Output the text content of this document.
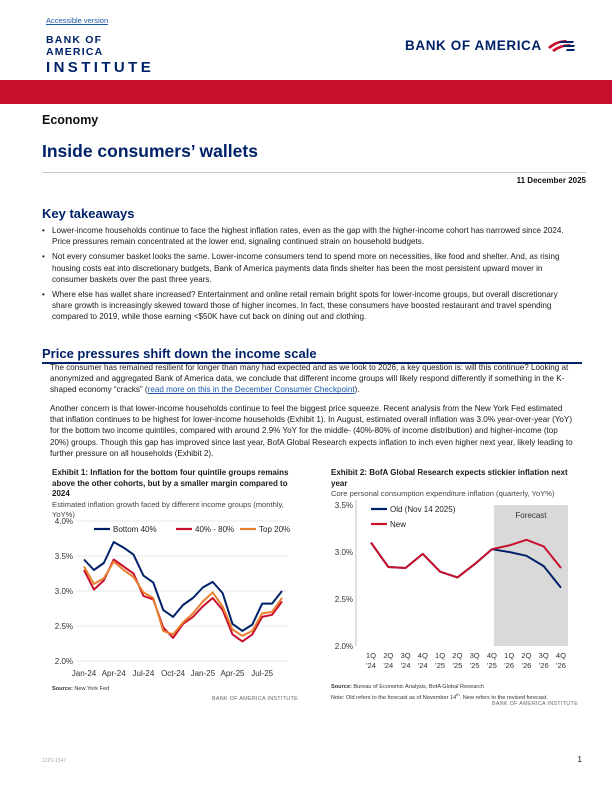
Accessible version
BANK OF AMERICA
INSTITUTE
BANK OF AMERICA
Economy
Inside consumers’ wallets
11 December 2025
Key takeaways
• Lower-income households continue to face the highest inflation rates, even as the gap with the higher-income cohort has narrowed since 2024. Price pressures remain concentrated at the lower end, signaling continued strain on household budgets.
• Not every consumer basket looks the same. Lower-income consumers tend to spend more on necessities, like food and shelter. And, as rising housing costs eat into discretionary budgets, Bank of America payments data finds shelter has been the most persistent upward mover in consumer baskets over the past three years.
• Where else has wallet share increased? Entertainment and online retail remain bright spots for lower-income groups, but overall discretionary share growth is increasingly skewed toward those of higher incomes. In fact, these consumers have boosted restaurant and travel spending compared to 2019, while those earning <$50K have cut back on dining out and clothing.
Price pressures shift down the income scale

The consumer has remained resilient for longer than many had expected and as we look to 2026, a key question is: will this continue? Looking at anonymized and aggregated Bank of America data, we conclude that different income groups will likely respond differently if something in the K-shaped economy “cracks” (read more on this in the December Consumer Checkpoint).

Another concern is that lower-income households continue to feel the biggest price squeeze. Recent analysis from the New York Fed estimated that inflation continues to be highest for lower-income households (Exhibit 1). In August, estimated overall inflation was 3.0% year-over-year (YoY) for the bottom two income quintiles, compared with around 2.9% YoY for the middle- (40%-80% of income distribution) and higher-income (top 20%) groups. Though this gap has improved since last year, BofA Global Research expects inflation to inch even higher next year, likely leading to further pressure on all households (Exhibit 2).

Exhibit 1: Inflation for the bottom four quintile groups remains above the other cohorts, but by a smaller margin compared to 2024
Estimated inflation growth faced by different income groups (monthly, YoY%)
4.0%
3.5%
3.0%
2.5%
2.0%
Jan-24 Apr-24 Jul-24 Oct-24 Jan-25 Apr-25 Jul-25
Bottom 40%	40% - 80%	Top 20%
Source: New York Fed
BANK OF AMERICA INSTITUTE
Exhibit 2: BofA Global Research expects stickier inflation next year
Core personal consumption expenditure inflation (quarterly, YoY%)
Forecast
3.5%
3.0%
2.5%
2.0%
1Q
'24
2Q
'24
3Q
'24
4Q
'24
1Q
'25
2Q
'25
3Q
'25
4Q
'25
1Q
'26
2Q
'26
3Q
'26
4Q
'26
Old (Nov 14 2025)
New
Source: Bureau of Economic Analysis, BofA Global Research
Note: Old refers to the forecast as of November 14th. New refers to the revised forecast.
BANK OF AMERICA INSTITUTE
1229-1547	1
